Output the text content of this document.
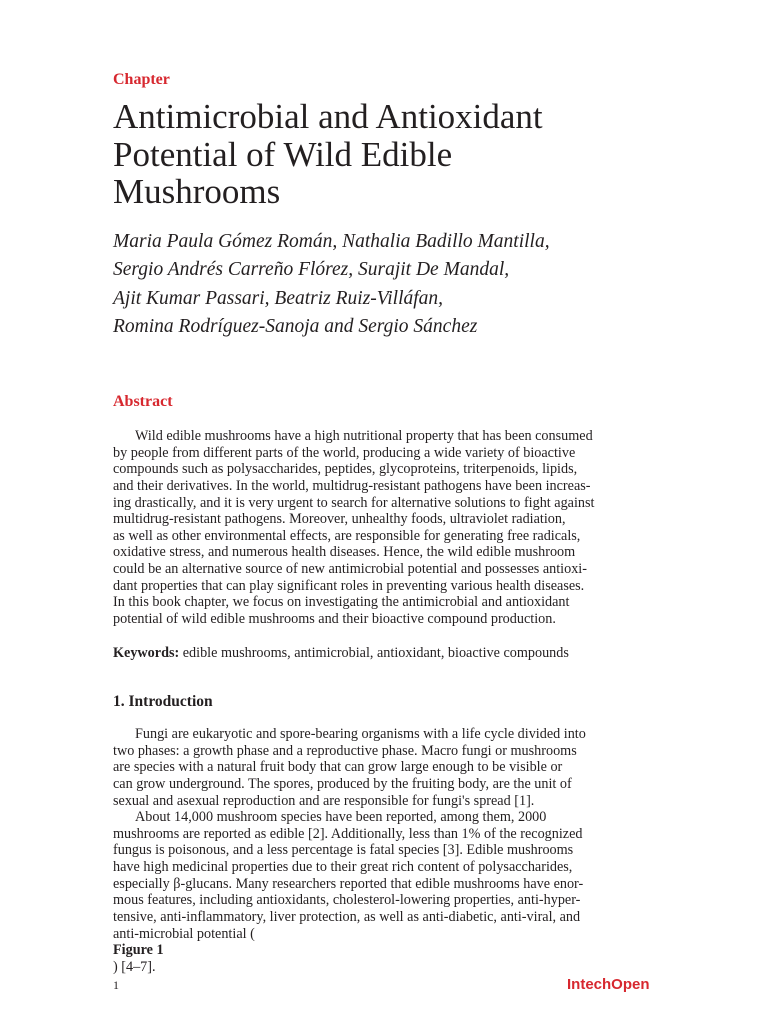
Chapter
Antimicrobial and Antioxidant
Potential of Wild Edible
Mushrooms
Maria Paula Gómez Román, Nathalia Badillo Mantilla,
Sergio Andrés Carreño Flórez, Surajit De Mandal,
Ajit Kumar Passari, Beatriz Ruiz-Villáfan,
Romina Rodríguez-Sanoja and Sergio Sánchez
Abstract
Wild edible mushrooms have a high nutritional property that has been consumed
by people from different parts of the world, producing a wide variety of bioactive
compounds such as polysaccharides, peptides, glycoproteins, triterpenoids, lipids,
and their derivatives. In the world, multidrug-resistant pathogens have been increas-
ing drastically, and it is very urgent to search for alternative solutions to fight against
multidrug-resistant pathogens. Moreover, unhealthy foods, ultraviolet radiation,
as well as other environmental effects, are responsible for generating free radicals,
oxidative stress, and numerous health diseases. Hence, the wild edible mushroom
could be an alternative source of new antimicrobial potential and possesses antioxi-
dant properties that can play significant roles in preventing various health diseases.
In this book chapter, we focus on investigating the antimicrobial and antioxidant
potential of wild edible mushrooms and their bioactive compound production.
Keywords: edible mushrooms, antimicrobial, antioxidant, bioactive compounds
1. Introduction
Fungi are eukaryotic and spore-bearing organisms with a life cycle divided into
two phases: a growth phase and a reproductive phase. Macro fungi or mushrooms
are species with a natural fruit body that can grow large enough to be visible or
can grow underground. The spores, produced by the fruiting body, are the unit of
sexual and asexual reproduction and are responsible for fungi's spread [1].
About 14,000 mushroom species have been reported, among them, 2000
mushrooms are reported as edible [2]. Additionally, less than 1% of the recognized
fungus is poisonous, and a less percentage is fatal species [3]. Edible mushrooms
have high medicinal properties due to their great rich content of polysaccharides,
especially β-glucans. Many researchers reported that edible mushrooms have enor-
mous features, including antioxidants, cholesterol-lowering properties, anti-hyper-
tensive, anti-inflammatory, liver protection, as well as anti-diabetic, anti-viral, and
anti-microbial potential (
Figure 1
) [4–7].
1	IntechOpen
